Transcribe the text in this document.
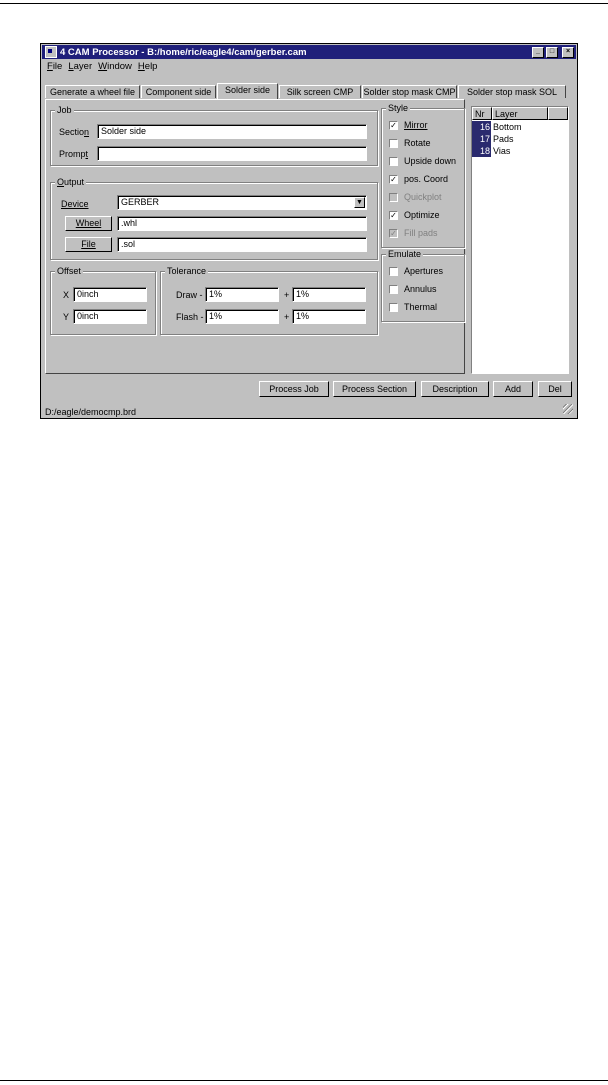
4 CAM Processor - B:/home/ric/eagle4/cam/gerber.cam	_	□	×
File Layer Window Help
Generate a wheel file	Component side	Solder side	Silk screen CMP	Solder stop mask CMP	Solder stop mask SOL
Job
Section	Solder side
Prompt
Output
Device	GERBER	▼
Wheel	.whl
File	.sol
Offset
X 0inch
Y 0inch
Tolerance
Draw - 1%	+ 1%
Flash - 1%	+ 1%
Style
✓ Mirror
Rotate
Upside down
✓ pos. Coord
Quickplot
✓ Optimize
✓ Fill pads
Emulate
Apertures
Annulus
Thermal
Nr	Layer
16 Bottom
17 Pads
18 Vias
Process Job	Process Section	Description	Add	Del
D:/eagle/democmp.brd
